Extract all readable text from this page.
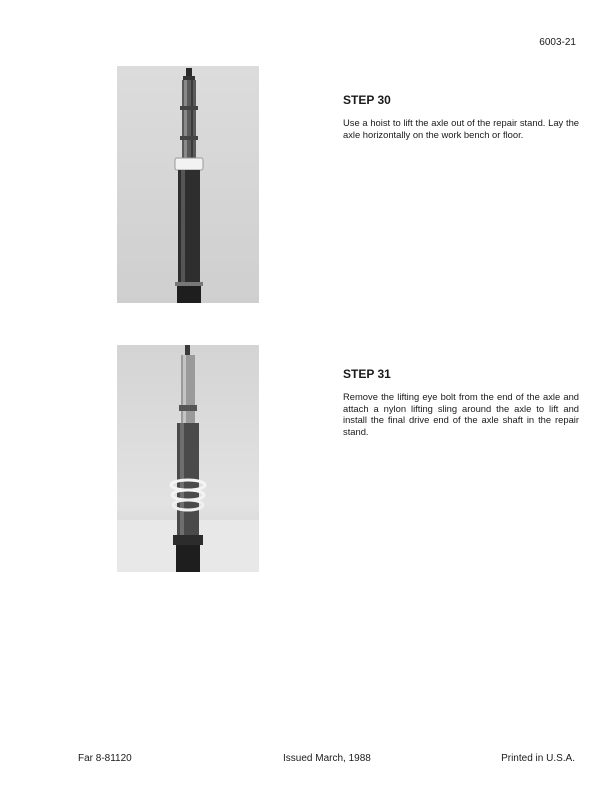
6003-21
STEP 30

Use a hoist to lift the axle out of the repair stand. Lay the axle horizontally on the work bench or floor.

STEP 31

Remove the lifting eye bolt from the end of the axle and attach a nylon lifting sling around the axle to lift and install the final drive end of the axle shaft in the repair stand.

Far 8-81120	Issued March, 1988	Printed in U.S.A.
